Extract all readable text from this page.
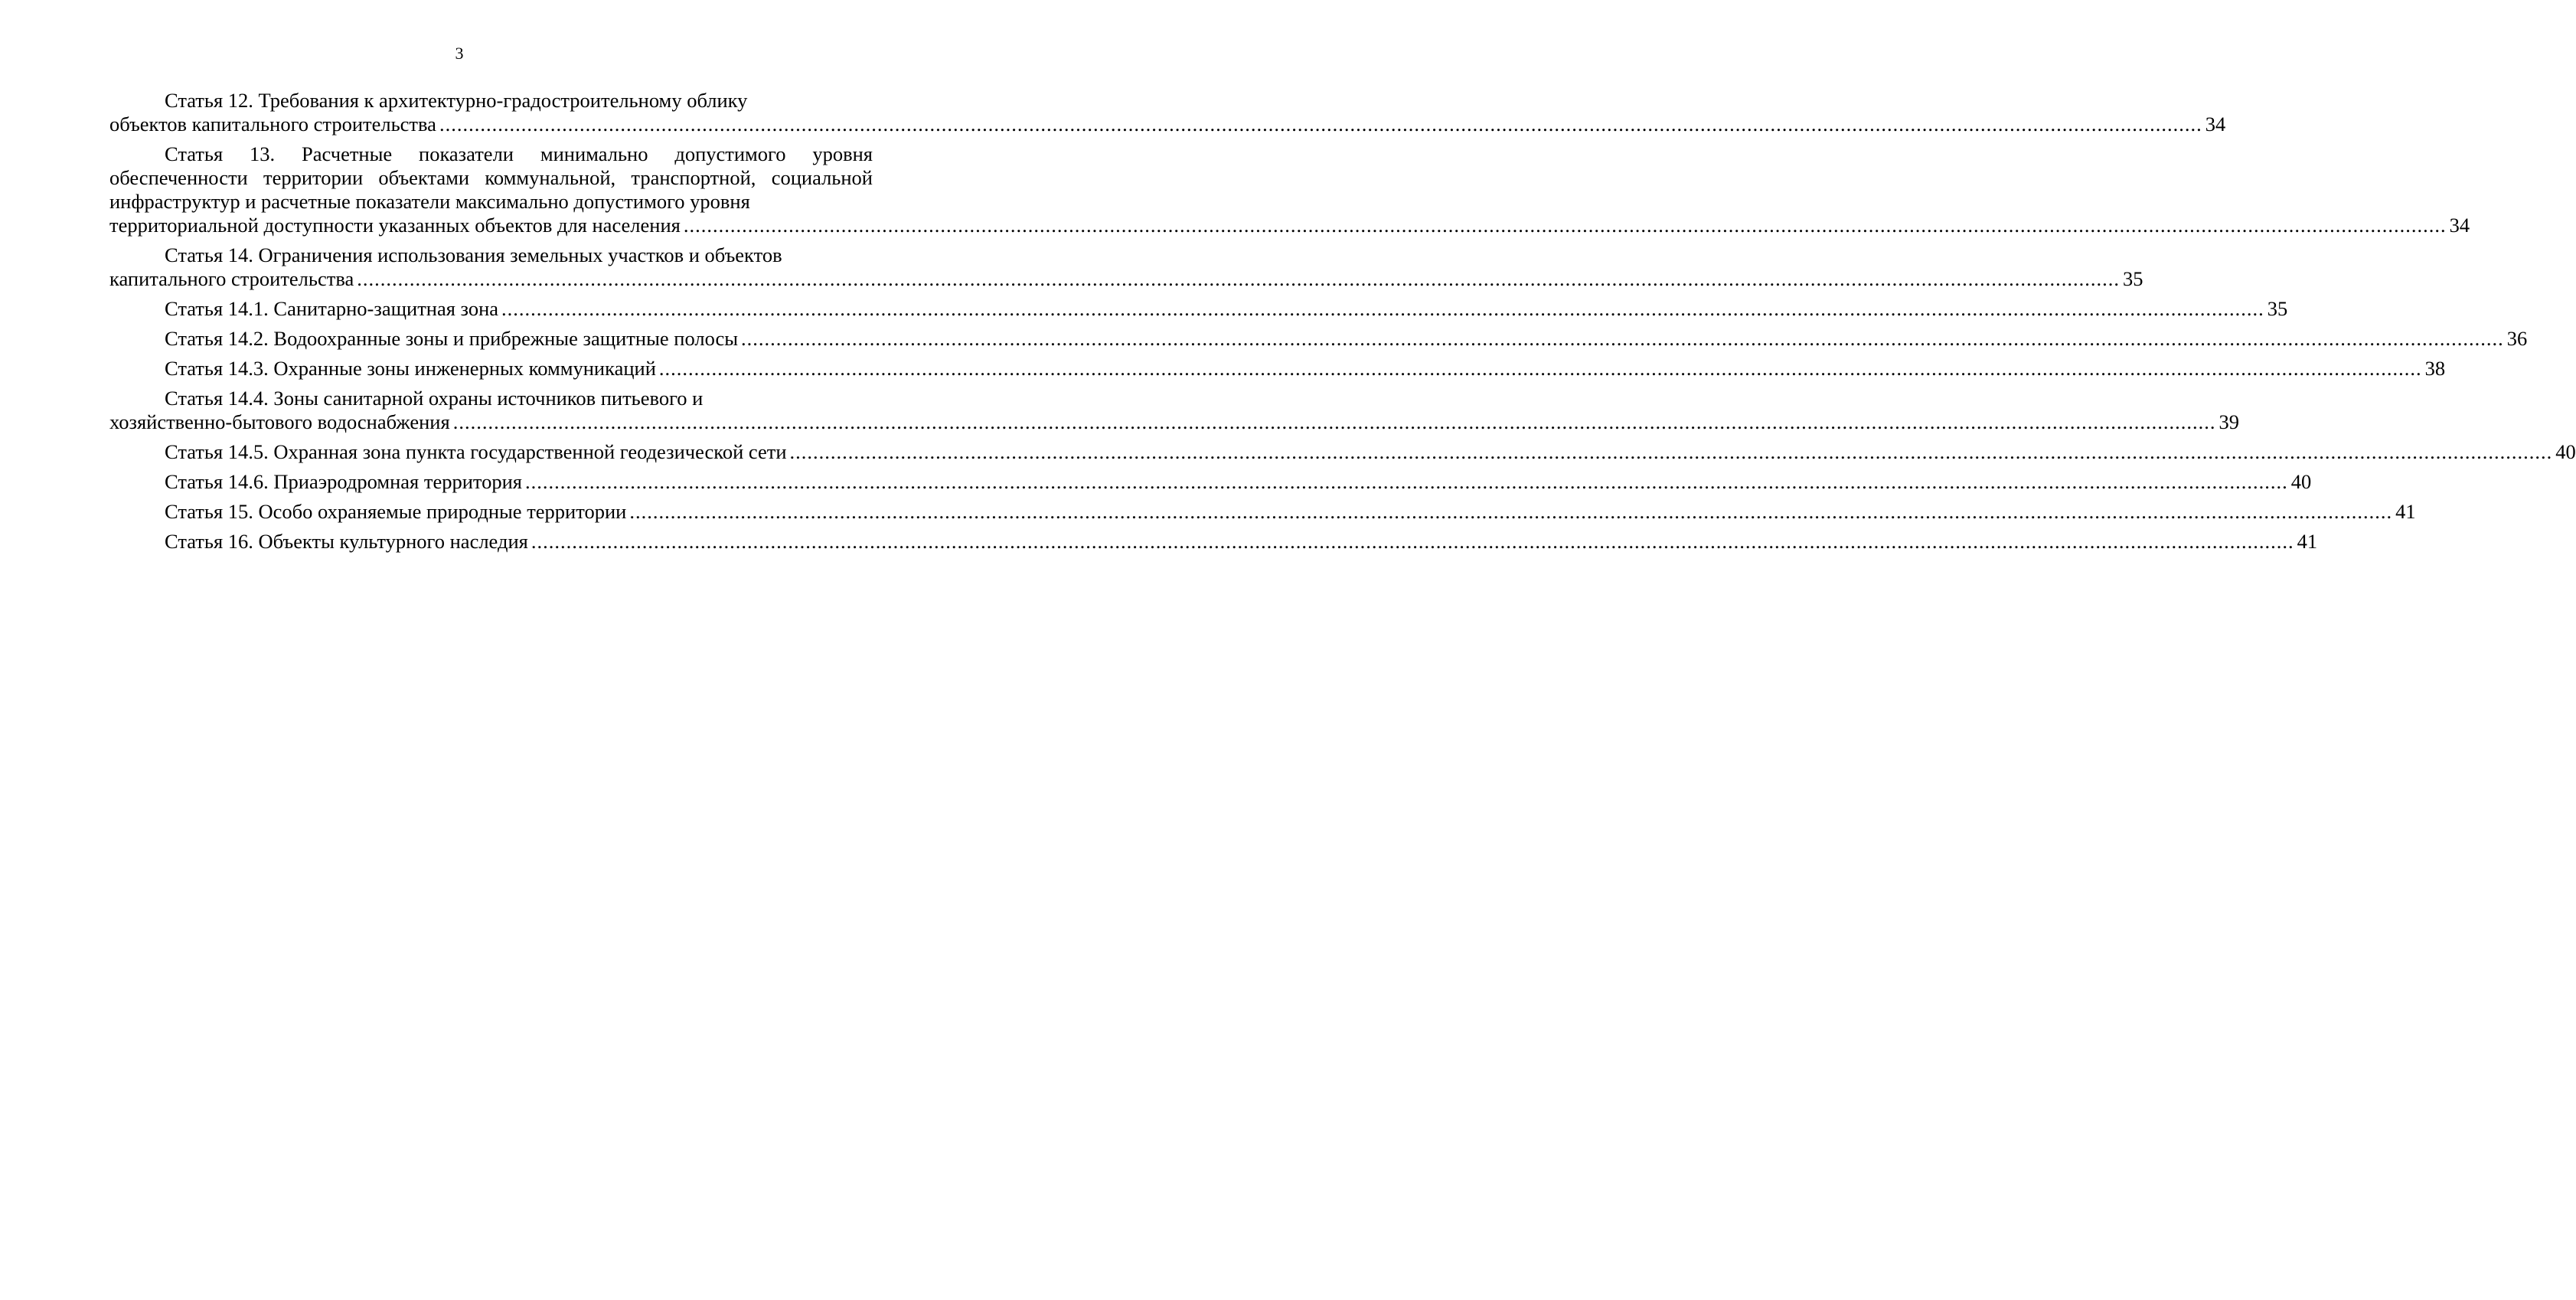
3
Статья 12. Требования к архитектурно-градостроительному облику
объектов капитального строительства .............................................................................................................................................................................................................................................................................................................. 34
Статья 13. Расчетные показатели минимально допустимого уровня обеспеченности территории объектами коммунальной, транспортной, социальной инфраструктур и расчетные показатели максимально допустимого уровня
территориальной доступности указанных объектов для населения .............................................................................................................................................................................................................................................................................................................. 34
Статья 14. Ограничения использования земельных участков и объектов
капитального строительства .............................................................................................................................................................................................................................................................................................................. 35
Статья 14.1. Санитарно-защитная зона .............................................................................................................................................................................................................................................................................................................. 35
Статья 14.2. Водоохранные зоны и прибрежные защитные полосы .............................................................................................................................................................................................................................................................................................................. 36
Статья 14.3. Охранные зоны инженерных коммуникаций .............................................................................................................................................................................................................................................................................................................. 38
Статья 14.4. Зоны санитарной охраны источников питьевого и
хозяйственно-бытового водоснабжения .............................................................................................................................................................................................................................................................................................................. 39
Статья 14.5. Охранная зона пункта государственной геодезической сети .............................................................................................................................................................................................................................................................................................................. 40
Статья 14.6. Приаэродромная территория .............................................................................................................................................................................................................................................................................................................. 40
Статья 15. Особо охраняемые природные территории .............................................................................................................................................................................................................................................................................................................. 41
Статья 16. Объекты культурного наследия .............................................................................................................................................................................................................................................................................................................. 41
